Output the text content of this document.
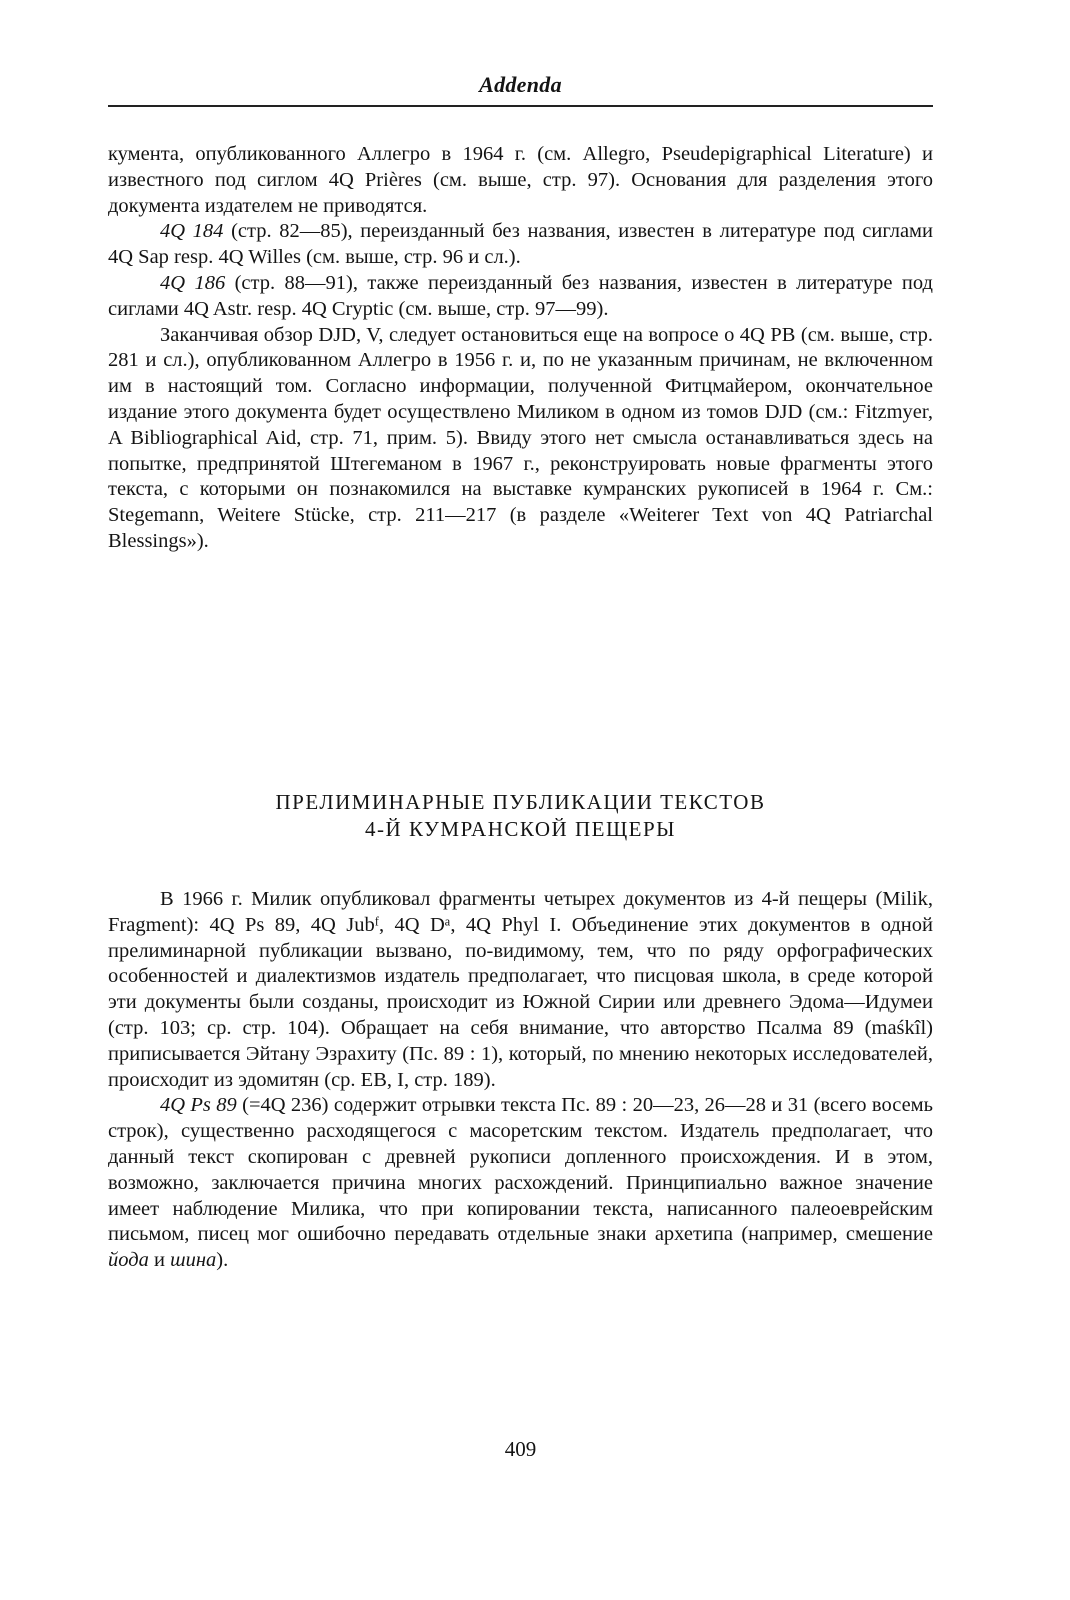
Addenda

кумента, опубликованного Аллегро в 1964 г. (см. Allegro, Pseudepigraphical Literature) и известного под сиглом 4Q Prières (см. выше, стр. 97). Основания для разделения этого документа издателем не приводятся.

4Q 184 (стр. 82—85), переизданный без названия, известен в литературе под сиглами 4Q Sap resp. 4Q Willes (см. выше, стр. 96 и сл.).

4Q 186 (стр. 88—91), также переизданный без названия, известен в литературе под сиглами 4Q Astr. resp. 4Q Cryptic (см. выше, стр. 97—99).

Заканчивая обзор DJD, V, следует остановиться еще на вопросе о 4Q PB (см. выше, стр. 281 и сл.), опубликованном Аллегро в 1956 г. и, по не указанным причинам, не включенном им в настоящий том. Согласно информации, полученной Фитцмайером, окончательное издание этого документа будет осуществлено Миликом в одном из томов DJD (см.: Fitzmyer, A Bibliographical Aid, стр. 71, прим. 5). Ввиду этого нет смысла останавливаться здесь на попытке, предпринятой Штегеманом в 1967 г., реконструировать новые фрагменты этого текста, с которыми он познакомился на выставке кумранских рукописей в 1964 г. См.: Stegemann, Weitere Stücke, стр. 211—217 (в разделе «Weiterer Text von 4Q Patriarchal Blessings»).

ПРЕЛИМИНАРНЫЕ ПУБЛИКАЦИИ ТЕКСТОВ
4-Й КУМРАНСКОЙ ПЕЩЕРЫ

В 1966 г. Милик опубликовал фрагменты четырех документов из 4-й пещеры (Milik, Fragment): 4Q Ps 89, 4Q Jubᶠ, 4Q Dᵃ, 4Q Phyl I. Объединение этих документов в одной прелиминарной публикации вызвано, по-видимому, тем, что по ряду орфографических особенностей и диалектизмов издатель предполагает, что писцовая школа, в среде которой эти документы были созданы, происходит из Южной Сирии или древнего Эдома—Идумеи (стр. 103; ср. стр. 104). Обращает на себя внимание, что авторство Псалма 89 (maśkîl) приписывается Эйтану Эзрахиту (Пс. 89 : 1), который, по мнению некоторых исследователей, происходит из эдомитян (ср. EB, I, стр. 189).

4Q Ps 89 (=4Q 236) содержит отрывки текста Пс. 89 : 20—23, 26—28 и 31 (всего восемь строк), существенно расходящегося с масоретским текстом. Издатель предполагает, что данный текст скопирован с древней рукописи допленного происхождения. И в этом, возможно, заключается причина многих расхождений. Принципиально важное значение имеет наблюдение Милика, что при копировании текста, написанного палеоеврейским письмом, писец мог ошибочно передавать отдельные знаки архетипа (например, смешение йода и шина).

409
